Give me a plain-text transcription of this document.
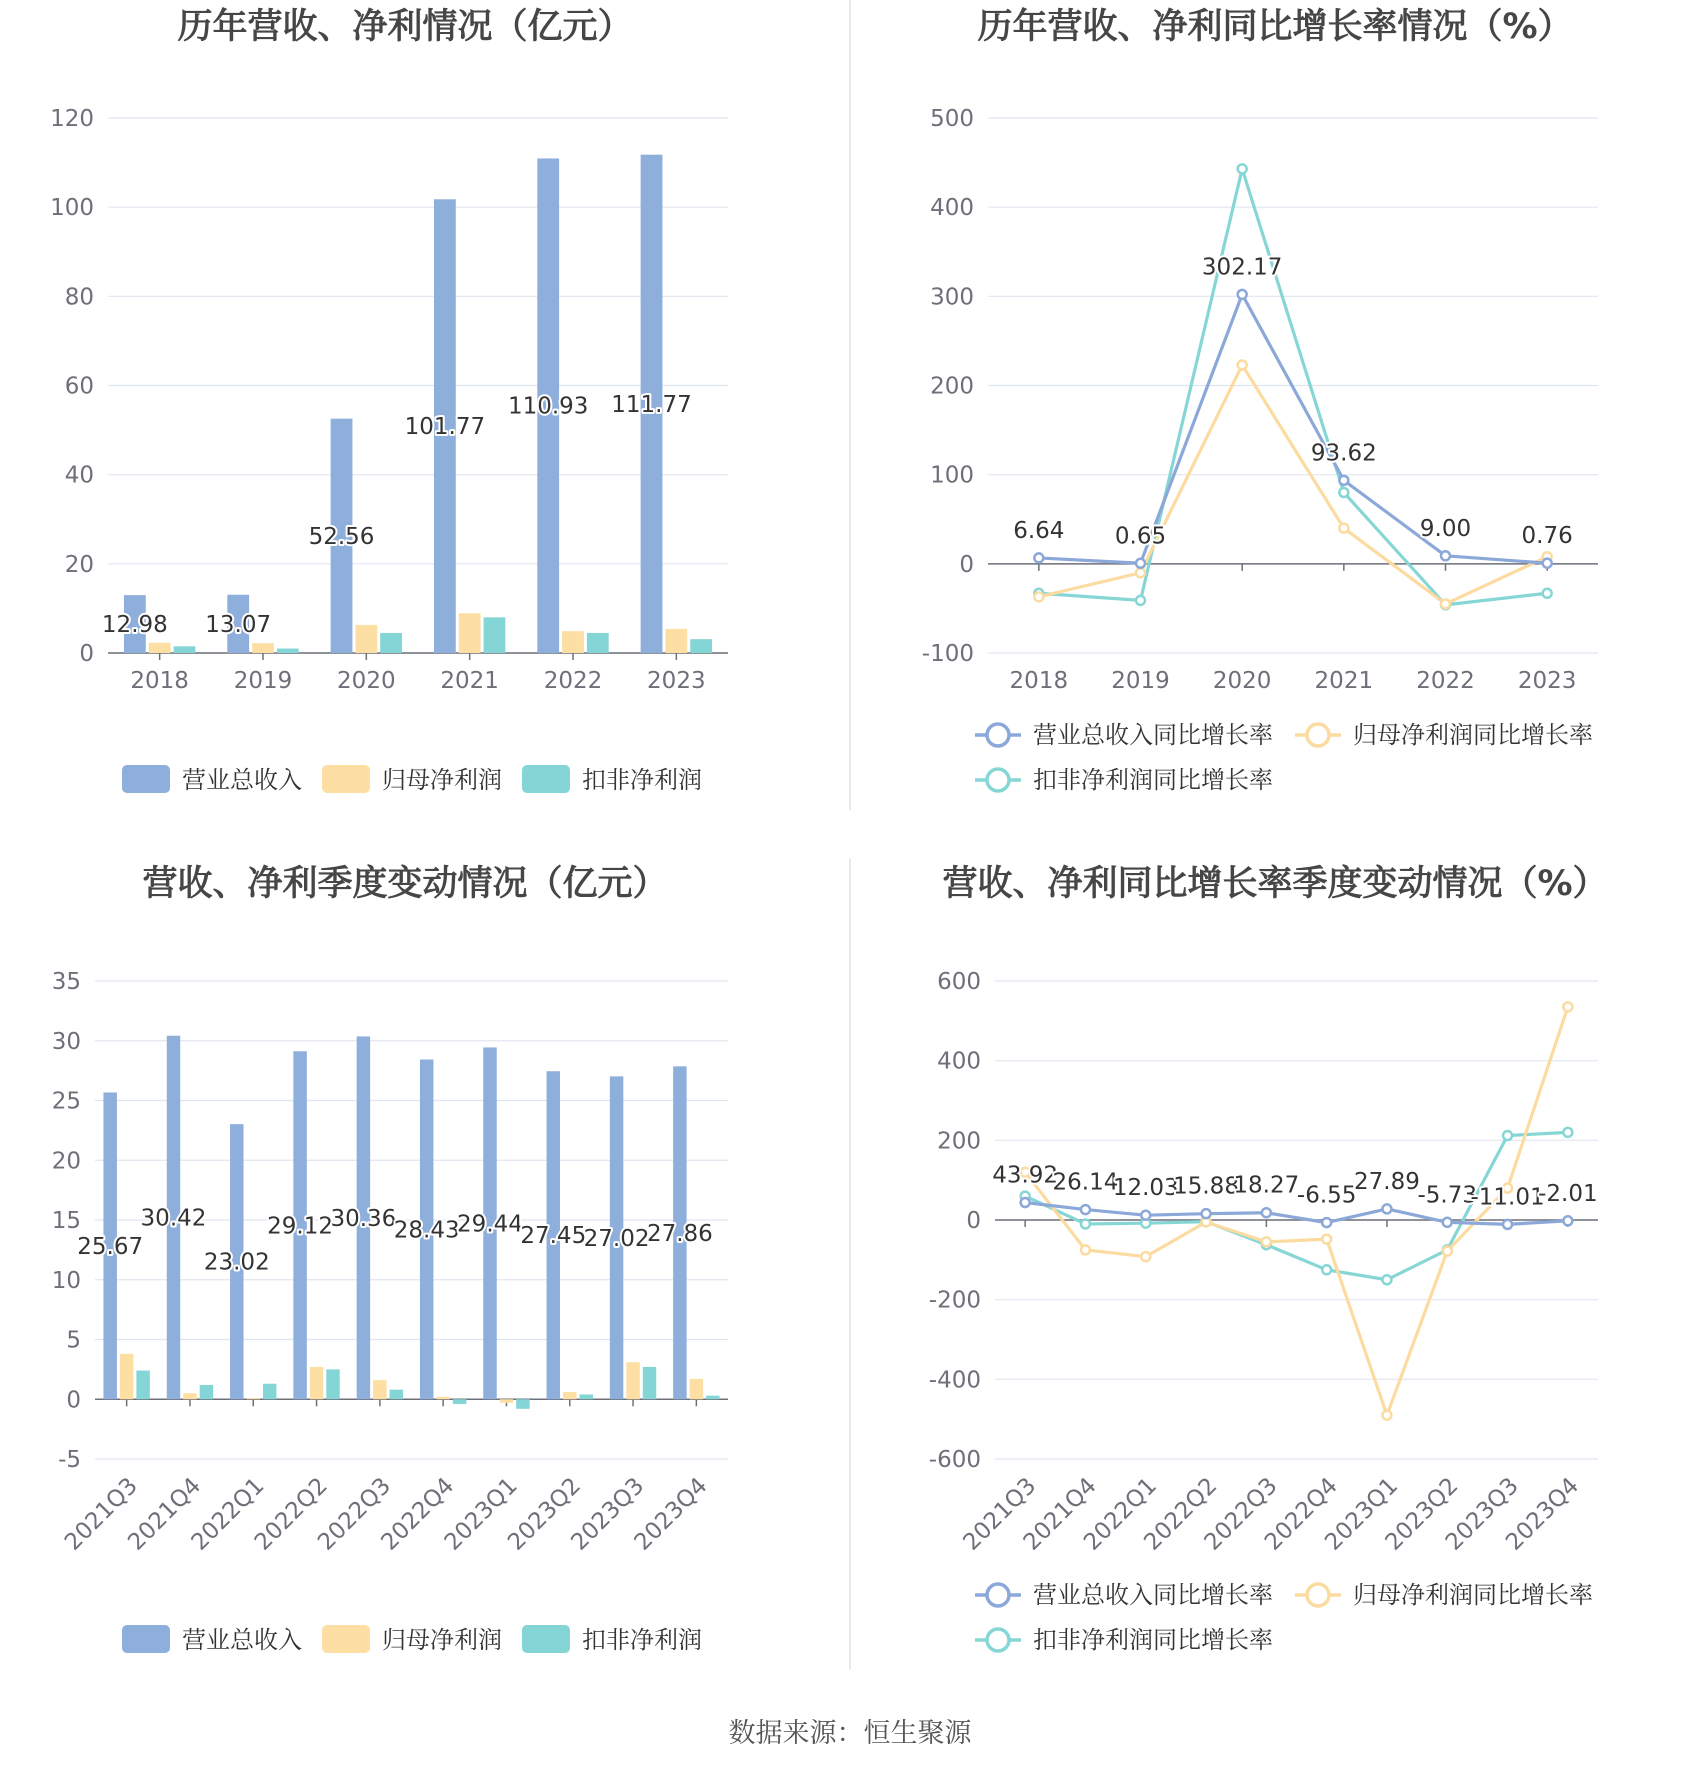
历年营收、净利情况（亿元）
0
20
40
60
80
100
120
2018 2019 2020 2021 2022 2023
12.98 13.07
52.56
101.77
110.93 111.77
营业总收入	归母净利润	扣非净利润
历年营收、净利同比增长率情况（%）
-100
0
100
200
300
400
500
2018 2019 2020 2021 2022 2023
6.64 0.65
302.17
93.62
9.00 0.76
营业总收入同比增长率	归母净利润同比增长率
扣非净利润同比增长率
营收、净利季度变动情况（亿元）
-5
0
5
10
15
20
25
30
35
2021Q3
2021Q4
2022Q1
2022Q2
2022Q3
2022Q4
2023Q1
2023Q2
2023Q3
2023Q4
25.67
30.42
23.02
29.12
30.36
28.43
29.44
27.45
27.02
27.86
营业总收入	归母净利润	扣非净利润
营收、净利同比增长率季度变动情况（%）
-600
-400
-200
0
200
400
600
2021Q3
2021Q4
2022Q1
2022Q2
2022Q3
2022Q4
2023Q1
2023Q2
2023Q3
2023Q4
43.92
26.14
12.03
15.88
18.27
-6.55
27.89
-5.73
-11.01
-2.01
营业总收入同比增长率	归母净利润同比增长率
扣非净利润同比增长率
数据来源：恒生聚源
